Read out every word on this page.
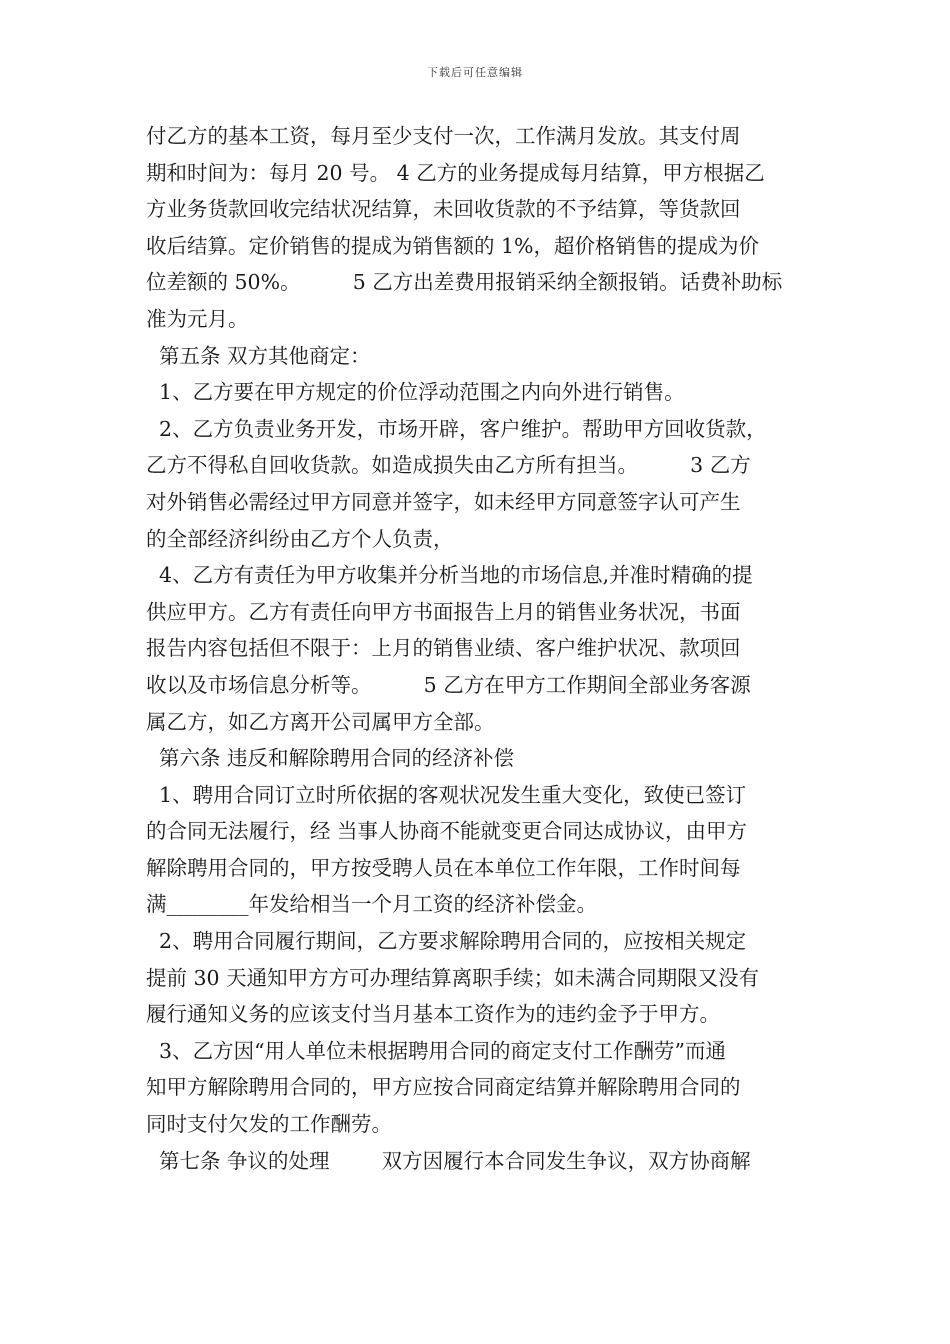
下载后可任意编辑
付乙方的基本工资，每月至少支付一次，工作满月发放。其支付周
期和时间为：每月 20 号。 4 乙方的业务提成每月结算，甲方根据乙
方业务货款回收完结状况结算，未回收货款的不予结算，等货款回
收后结算。定价销售的提成为销售额的 1%，超价格销售的提成为价
位差额的 50%。        5 乙方出差费用报销采纳全额报销。话费补助标
准为元月。
第五条 双方其他商定：
1、乙方要在甲方规定的价位浮动范围之内向外进行销售。
2、乙方负责业务开发，市场开辟，客户维护。帮助甲方回收货款，
乙方不得私自回收货款。如造成损失由乙方所有担当。        3 乙方
对外销售必需经过甲方同意并签字，如未经甲方同意签字认可产生
的全部经济纠纷由乙方个人负责，
4、乙方有责任为甲方收集并分析当地的市场信息,并准时精确的提
供应甲方。乙方有责任向甲方书面报告上月的销售业务状况，书面
报告内容包括但不限于：上月的销售业绩、客户维护状况、款项回
收以及市场信息分析等。        5 乙方在甲方工作期间全部业务客源
属乙方，如乙方离开公司属甲方全部。
第六条 违反和解除聘用合同的经济补偿
1、聘用合同订立时所依据的客观状况发生重大变化，致使已签订
的合同无法履行，经 当事人协商不能就变更合同达成协议，由甲方
解除聘用合同的，甲方按受聘人员在本单位工作年限，工作时间每
满________年发给相当一个月工资的经济补偿金。
2、聘用合同履行期间，乙方要求解除聘用合同的，应按相关规定
提前 30 天通知甲方方可办理结算离职手续；如未满合同期限又没有
履行通知义务的应该支付当月基本工资作为的违约金予于甲方。
3、乙方因“用人单位未根据聘用合同的商定支付工作酬劳”而通
知甲方解除聘用合同的，甲方应按合同商定结算并解除聘用合同的
同时支付欠发的工作酬劳。
第七条 争议的处理        双方因履行本合同发生争议，双方协商解
